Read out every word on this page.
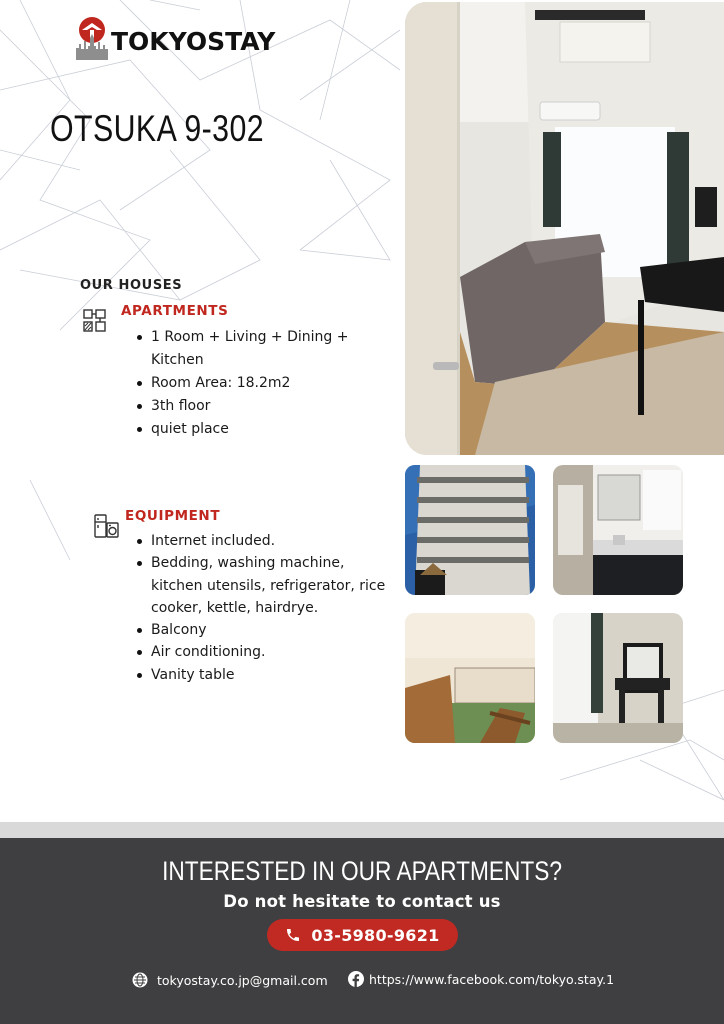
TOKYOSTAY
OTSUKA 9-302
OUR HOUSES
APARTMENTS
1 Room + Living + Dining +
Kitchen
Room Area: 18.2m2
3th floor
quiet place
EQUIPMENT
Internet included.
Bedding, washing machine,
kitchen utensils, refrigerator, rice
cooker, kettle, hairdrye.
Balcony
Air conditioning.
Vanity table
INTERESTED IN OUR APARTMENTS?
Do not hesitate to contact us
03-5980-9621
tokyostay.co.jp@gmail.com	https://www.facebook.com/tokyo.stay.1
